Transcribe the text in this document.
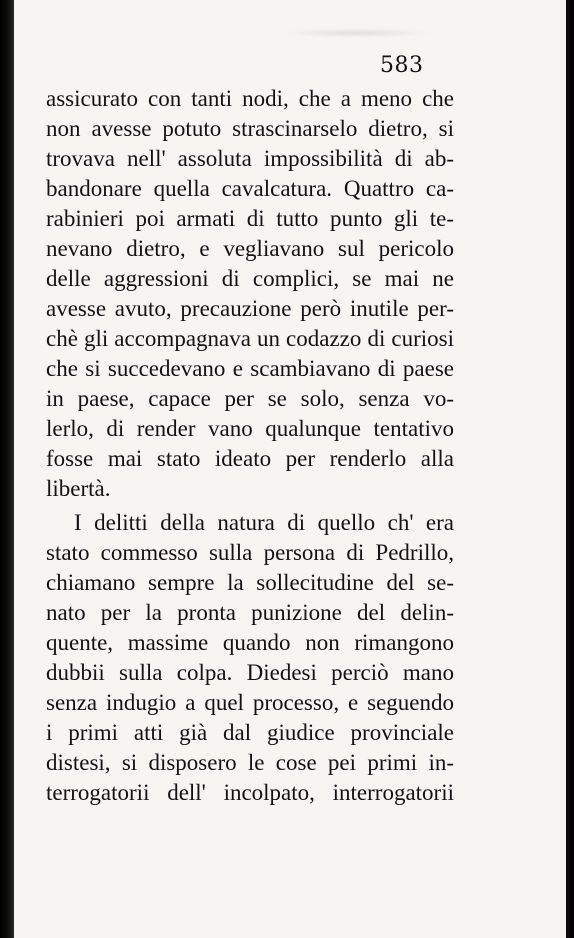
583
assicurato con tanti nodi, che a meno che
non avesse potuto strascinarselo dietro, si
trovava nell' assoluta impossibilità di ab-
bandonare quella cavalcatura. Quattro ca-
rabinieri poi armati di tutto punto gli te-
nevano dietro, e vegliavano sul pericolo
delle aggressioni di complici, se mai ne
avesse avuto, precauzione però inutile per-
chè gli accompagnava un codazzo di curiosi
che si succedevano e scambiavano di paese
in paese, capace per se solo, senza vo-
lerlo, di render vano qualunque tentativo
fosse mai stato ideato per renderlo alla
libertà.
I delitti della natura di quello ch' era
stato commesso sulla persona di Pedrillo,
chiamano sempre la sollecitudine del se-
nato per la pronta punizione del delin-
quente, massime quando non rimangono
dubbii sulla colpa. Diedesi perciò mano
senza indugio a quel processo, e seguendo
i primi atti già dal giudice provinciale
distesi, si disposero le cose pei primi in-
terrogatorii dell' incolpato, interrogatorii
